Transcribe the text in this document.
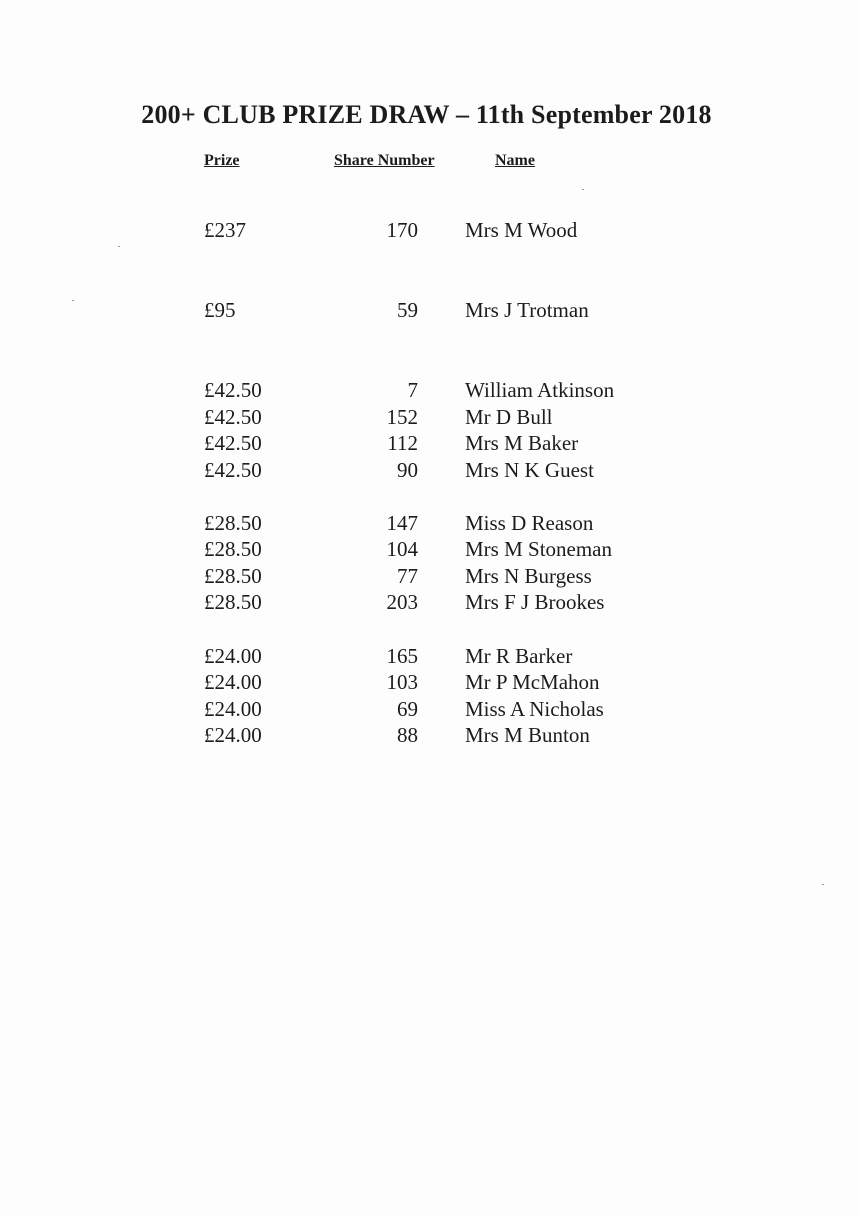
200+ CLUB PRIZE DRAW – 11th September 2018
Prize	Share Number	Name
£237	170 Mrs M Wood
£95	59 Mrs J Trotman
£42.50	7 William Atkinson
£42.50	152 Mr D Bull
£42.50	112 Mrs M Baker
£42.50	90 Mrs N K Guest
£28.50	147 Miss D Reason
£28.50	104 Mrs M Stoneman
£28.50	77 Mrs N Burgess
£28.50	203 Mrs F J Brookes
£24.00	165 Mr R Barker
£24.00	103 Mr P McMahon
£24.00	69 Miss A Nicholas
£24.00	88 Mrs M Bunton
